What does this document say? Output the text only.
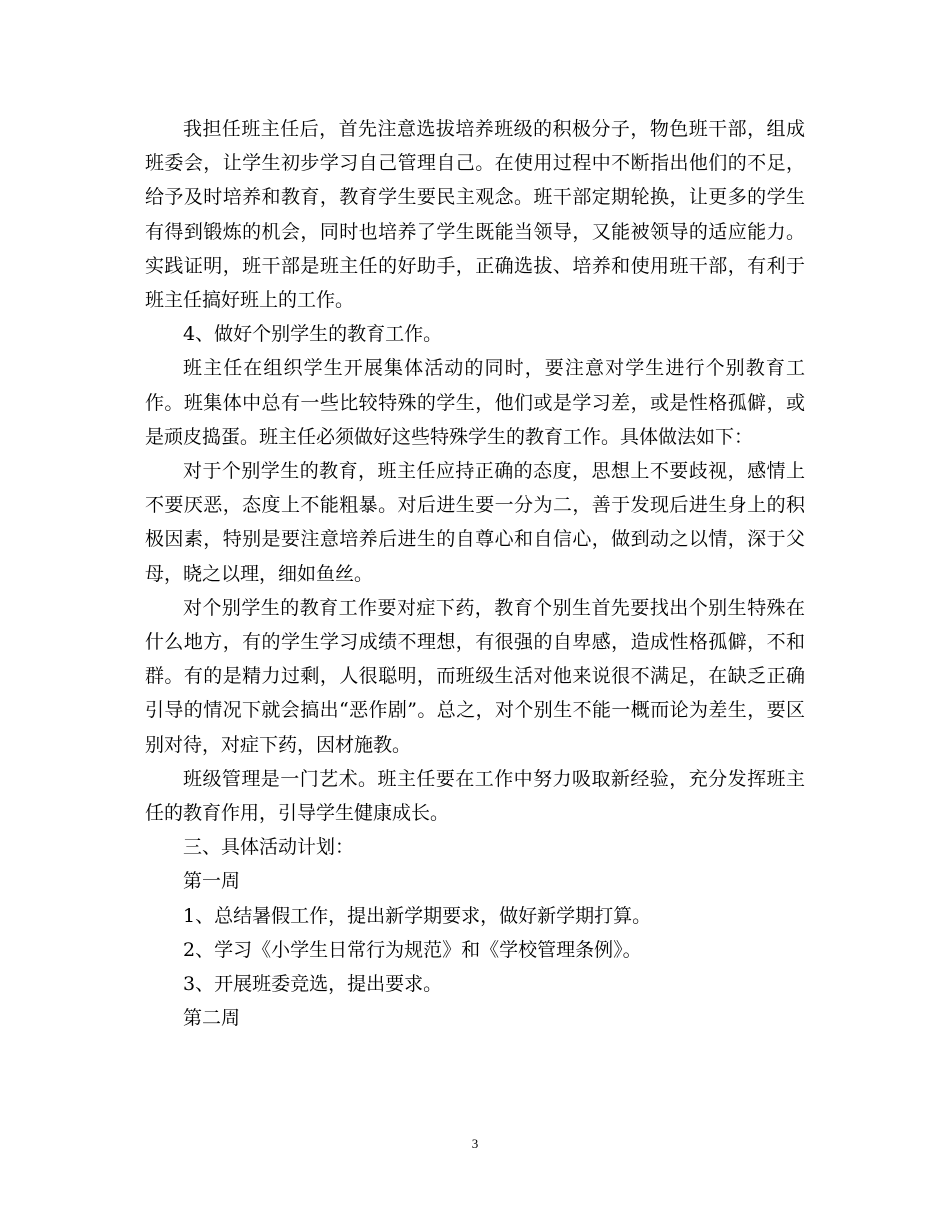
我担任班主任后，首先注意选拔培养班级的积极分子，物色班干部，组成班委会，让学生初步学习自己管理自己。在使用过程中不断指出他们的不足，给予及时培养和教育，教育学生要民主观念。班干部定期轮换，让更多的学生有得到锻炼的机会，同时也培养了学生既能当领导，又能被领导的适应能力。实践证明，班干部是班主任的好助手，正确选拔、培养和使用班干部，有利于班主任搞好班上的工作。

4、做好个别学生的教育工作。

班主任在组织学生开展集体活动的同时，要注意对学生进行个别教育工作。班集体中总有一些比较特殊的学生，他们或是学习差，或是性格孤僻，或是顽皮捣蛋。班主任必须做好这些特殊学生的教育工作。具体做法如下：

对于个别学生的教育，班主任应持正确的态度，思想上不要歧视，感情上不要厌恶，态度上不能粗暴。对后进生要一分为二，善于发现后进生身上的积极因素，特别是要注意培养后进生的自尊心和自信心，做到动之以情，深于父母，晓之以理，细如鱼丝。

对个别学生的教育工作要对症下药，教育个别生首先要找出个别生特殊在什么地方，有的学生学习成绩不理想，有很强的自卑感，造成性格孤僻，不和群。有的是精力过剩，人很聪明，而班级生活对他来说很不满足，在缺乏正确引导的情况下就会搞出“恶作剧”。总之，对个别生不能一概而论为差生，要区别对待，对症下药，因材施教。

班级管理是一门艺术。班主任要在工作中努力吸取新经验，充分发挥班主任的教育作用，引导学生健康成长。

三、具体活动计划：

第一周

1、总结暑假工作，提出新学期要求，做好新学期打算。

2、学习《小学生日常行为规范》和《学校管理条例》。

3、开展班委竞选，提出要求。

第二周

3
